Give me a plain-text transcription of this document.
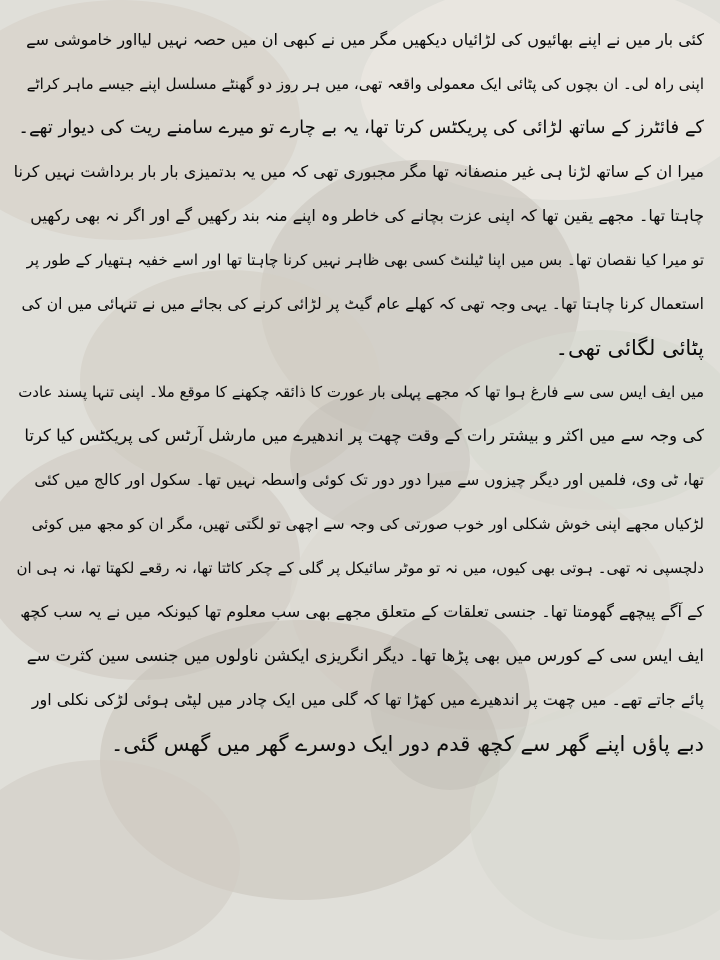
کئی بار میں نے اپنے بھائیوں کی لڑائیاں دیکھیں مگر میں نے کبھی ان میں حصہ نہیں لیااور خاموشی سے
اپنی راہ لی۔ ان بچوں کی پٹائی ایک معمولی واقعہ تھی، میں ہر روز دو گھنٹے مسلسل اپنے جیسے ماہر کراٹے
کے فائٹرز کے ساتھ لڑائی کی پریکٹس کرتا تھا، یہ بے چارے تو میرے سامنے ریت کی دیوار تھے۔
میرا ان کے ساتھ لڑنا ہی غیر منصفانہ تھا مگر مجبوری تھی کہ میں یہ بدتمیزی بار بار برداشت نہیں کرنا
چاہتا تھا۔ مجھے یقین تھا کہ اپنی عزت بچانے کی خاطر وہ اپنے منہ بند رکھیں گے اور اگر نہ بھی رکھیں
تو میرا کیا نقصان تھا۔ بس میں اپنا ٹیلنٹ کسی بھی ظاہر نہیں کرنا چاہتا تھا اور اسے خفیہ ہتھیار کے طور پر
استعمال کرنا چاہتا تھا۔ یہی وجہ تھی کہ کھلے عام گیٹ پر لڑائی کرنے کی بجائے میں نے تنہائی میں ان کی
پٹائی لگائی تھی۔
میں ایف ایس سی سے فارغ ہوا تھا کہ مجھے پہلی بار عورت کا ذائقہ چکھنے کا موقع ملا۔ اپنی تنہا پسند عادت
کی وجہ سے میں اکثر و بیشتر رات کے وقت چھت پر اندھیرے میں مارشل آرٹس کی پریکٹس کیا کرتا
تھا، ٹی وی، فلمیں اور دیگر چیزوں سے میرا دور دور تک کوئی واسطہ نہیں تھا۔ سکول اور کالج میں کئی
لڑکیاں مجھے اپنی خوش شکلی اور خوب صورتی کی وجہ سے اچھی تو لگتی تھیں، مگر ان کو مجھ میں کوئی
دلچسپی نہ تھی۔ ہوتی بھی کیوں، میں نہ تو موٹر سائیکل پر گلی کے چکر کاٹتا تھا، نہ رقعے لکھتا تھا، نہ ہی ان
کے آگے پیچھے گھومتا تھا۔ جنسی تعلقات کے متعلق مجھے بھی سب معلوم تھا کیونکہ میں نے یہ سب کچھ
ایف ایس سی کے کورس میں بھی پڑھا تھا۔ دیگر انگریزی ایکشن ناولوں میں جنسی سین کثرت سے
پائے جاتے تھے۔ میں چھت پر اندھیرے میں کھڑا تھا کہ گلی میں ایک چادر میں لپٹی ہوئی لڑکی نکلی اور
دبے پاؤں اپنے گھر سے کچھ قدم دور ایک دوسرے گھر میں گھس گئی۔
